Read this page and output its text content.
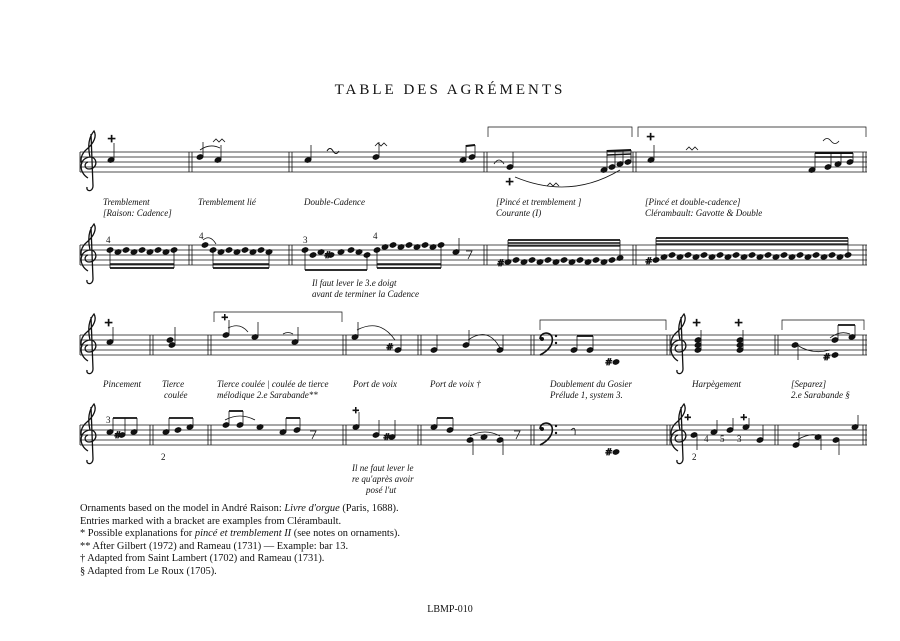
TABLE DES AGRÉMENTS
+
+
+
Tremblement
[Raison: Cadence]
Tremblement lié	Double-Cadence	[Pincé et tremblement ]
Courante (I)
[Pincé et double-cadence]
Clérambault: Gavotte & Double
#
#	#
4	4	3	4
Il faut lever le 3.e doigt
avant de terminer la Cadence
+	+
#
#
+	+
#
Pincement Tierce
coulée
Tierce coulée | coulée de tierce
mélodique 2.e Sarabande**
Port de voix	Port de voix †	Doublement du Gosier
Prélude 1, system 3.
Harpègement	[Separez]
2.e Sarabande §
#
+
#
#
+	+
3
2	2
4 5 3
Il ne faut lever le
re qu'après avoir
posé l'ut
Ornaments based on the model in André Raison: Livre d'orgue (Paris, 1688).
Entries marked with a bracket are examples from Clérambault.
* Possible explanations for pincé et tremblement II (see notes on ornaments).
** After Gilbert (1972) and Rameau (1731) — Example: bar 13.
† Adapted from Saint Lambert (1702) and Rameau (1731).
§ Adapted from Le Roux (1705).
LBMP-010
